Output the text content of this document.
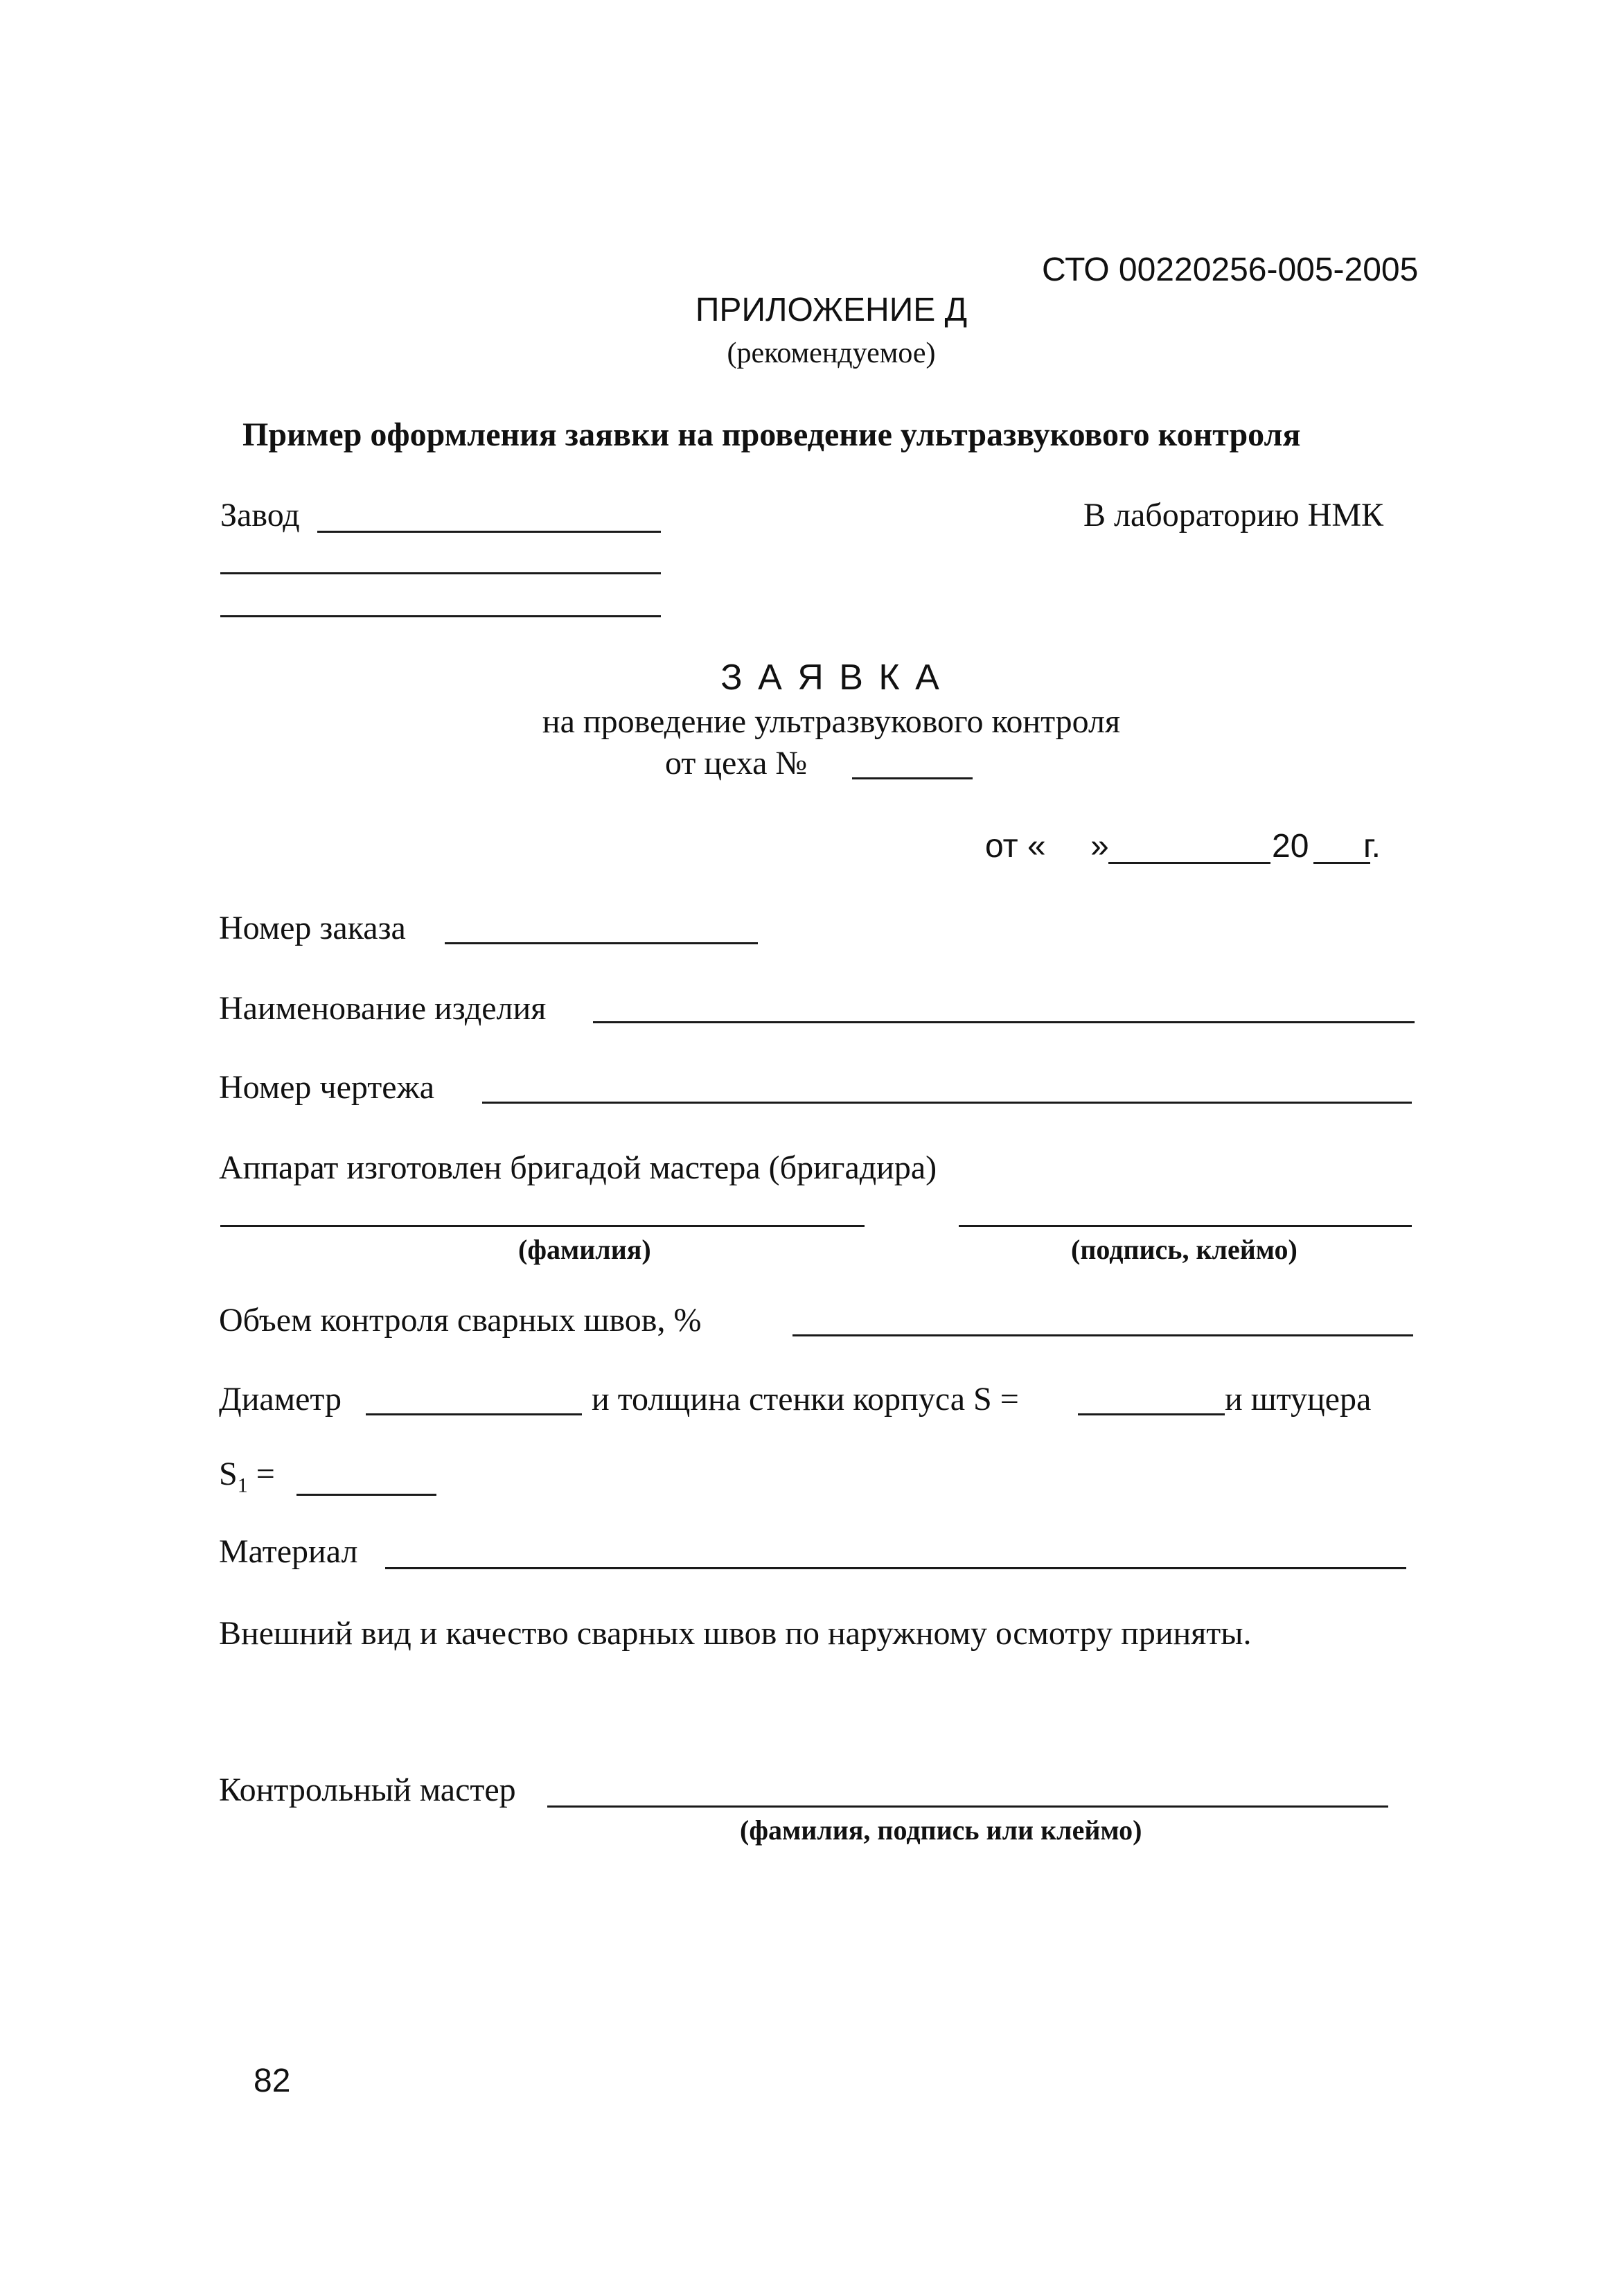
СТО 00220256-005-2005
ПРИЛОЖЕНИЕ Д
(рекомендуемое)
Пример оформления заявки на проведение ультразвукового контроля
Завод	В лабораторию НМК
З А Я В К А
на проведение ультразвукового контроля
от цеха №
от « »	20 г.
Номер заказа
Наименование изделия
Номер чертежа
Аппарат изготовлен бригадой мастера (бригадира)
(фамилия)	(подпись, клеймо)
Объем контроля сварных швов, %
Диаметр	и толщина стенки корпуса S =	и штуцера
$S_1$ =
Материал
Внешний вид и качество сварных швов по наружному осмотру приняты.
Контрольный мастер
(фамилия, подпись или клеймо)
82
